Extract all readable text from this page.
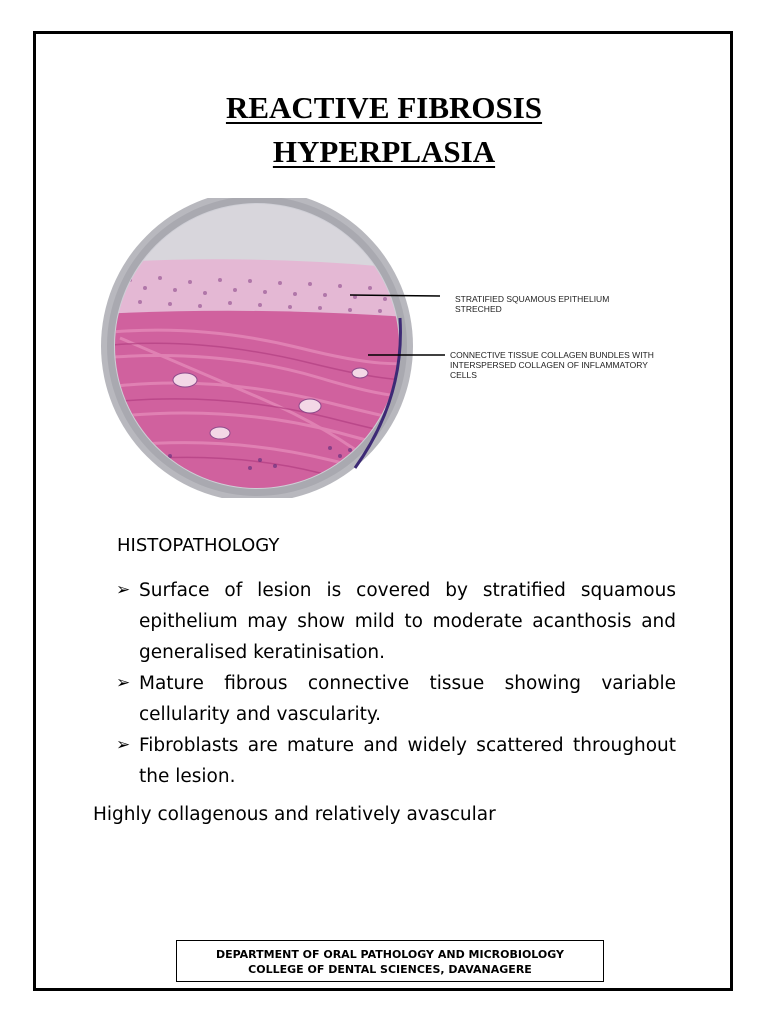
REACTIVE FIBROSIS
HYPERPLASIA
STRATIFIED SQUAMOUS EPITHELIUM
STRECHED
CONNECTIVE TISSUE COLLAGEN BUNDLES WITH
INTERSPERSED COLLAGEN OF INFLAMMATORY
CELLS
HISTOPATHOLOGY
➢ Surface of lesion is covered by stratified squamous epithelium may show mild to moderate acanthosis and generalised keratinisation.
➢ Mature fibrous connective tissue showing variable cellularity and vascularity.
➢ Fibroblasts are mature and widely scattered throughout the lesion.
Highly collagenous and relatively avascular
DEPARTMENT OF ORAL PATHOLOGY AND MICROBIOLOGY
COLLEGE OF DENTAL SCIENCES, DAVANAGERE
